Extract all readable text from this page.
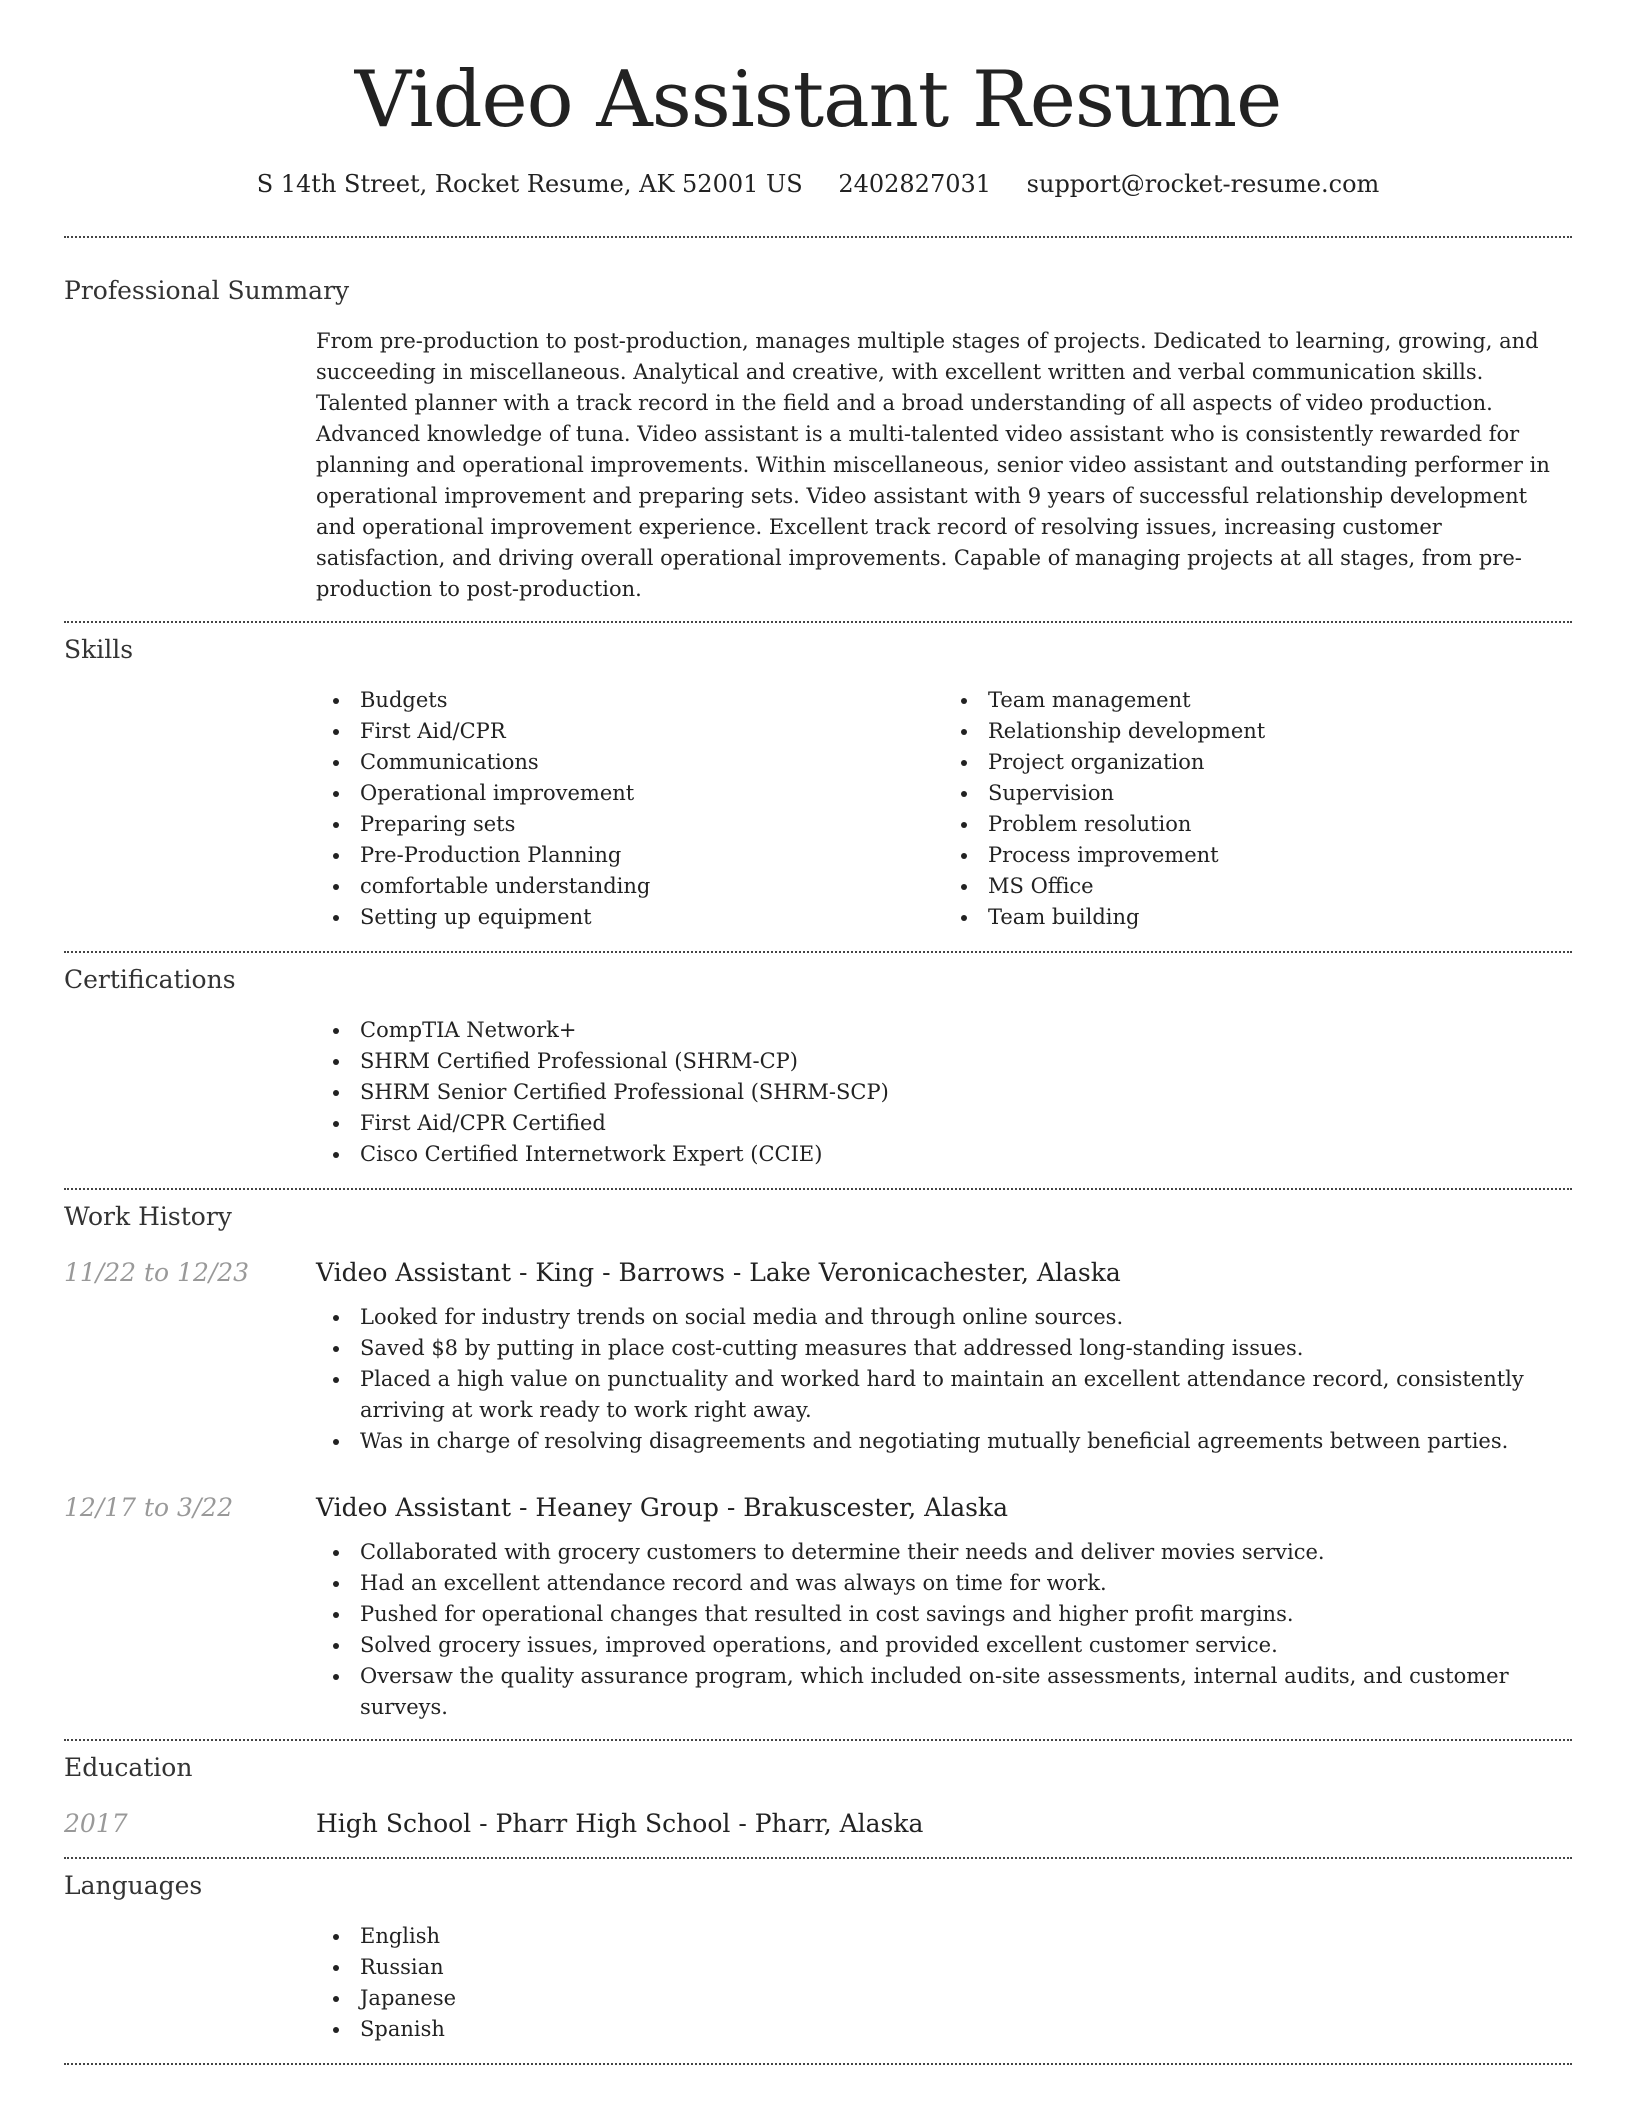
Video Assistant Resume
S 14th Street, Rocket Resume, AK 52001 US 2402827031 support@rocket-resume.com
Professional Summary
From pre-production to post-production, manages multiple stages of projects. Dedicated to learning, growing, and succeeding in miscellaneous. Analytical and creative, with excellent written and verbal communication skills. Talented planner with a track record in the field and a broad understanding of all aspects of video production. Advanced knowledge of tuna. Video assistant is a multi-talented video assistant who is consistently rewarded for planning and operational improvements. Within miscellaneous, senior video assistant and outstanding performer in operational improvement and preparing sets. Video assistant with 9 years of successful relationship development and operational improvement experience. Excellent track record of resolving issues, increasing customer satisfaction, and driving overall operational improvements. Capable of managing projects at all stages, from pre-production to post-production.
Skills
Budgets
First Aid/CPR
Communications
Operational improvement
Preparing sets
Pre-Production Planning
comfortable understanding
Setting up equipment
Team management
Relationship development
Project organization
Supervision
Problem resolution
Process improvement
MS Office
Team building
Certifications
CompTIA Network+
SHRM Certified Professional (SHRM-CP)
SHRM Senior Certified Professional (SHRM-SCP)
First Aid/CPR Certified
Cisco Certified Internetwork Expert (CCIE)
Work History
11/22 to 12/23	Video Assistant - King - Barrows - Lake Veronicachester, Alaska
Looked for industry trends on social media and through online sources.
Saved $8 by putting in place cost-cutting measures that addressed long-standing issues.
Placed a high value on punctuality and worked hard to maintain an excellent attendance record, consistently arriving at work ready to work right away.
Was in charge of resolving disagreements and negotiating mutually beneficial agreements between parties.
12/17 to 3/22	Video Assistant - Heaney Group - Brakuscester, Alaska
Collaborated with grocery customers to determine their needs and deliver movies service.
Had an excellent attendance record and was always on time for work.
Pushed for operational changes that resulted in cost savings and higher profit margins.
Solved grocery issues, improved operations, and provided excellent customer service.
Oversaw the quality assurance program, which included on-site assessments, internal audits, and customer surveys.
Education
2017	High School - Pharr High School - Pharr, Alaska
Languages
English
Russian
Japanese
Spanish
